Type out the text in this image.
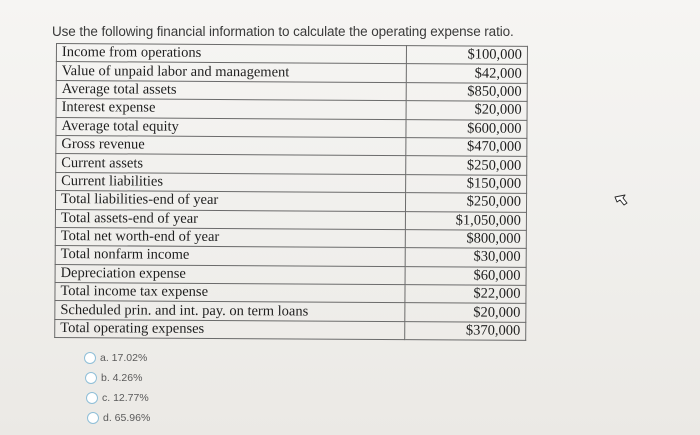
Use the following financial information to calculate the operating expense ratio.
Income from operations	$100,000
Value of unpaid labor and management	$42,000
Average total assets	$850,000
Interest expense	$20,000
Average total equity	$600,000
Gross revenue	$470,000
Current assets	$250,000
Current liabilities	$150,000
Total liabilities-end of year	$250,000
Total assets-end of year	$1,050,000
Total net worth-end of year	$800,000
Total nonfarm income	$30,000
Depreciation expense	$60,000
Total income tax expense	$22,000
Scheduled prin. and int. pay. on term loans	$20,000
Total operating expenses	$370,000
a. 17.02%
b. 4.26%
c. 12.77%
d. 65.96%
